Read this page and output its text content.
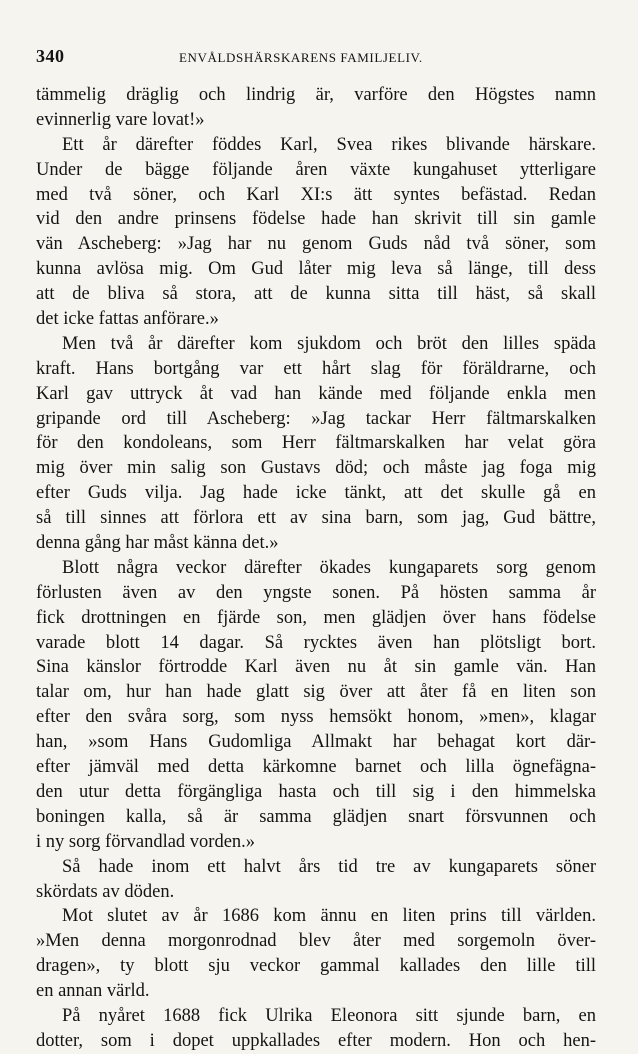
340	ENVÅLDSHÄRSKARENS FAMILJELIV.
tämmelig dräglig och lindrig är, varföre den Högstes namn
evinnerlig vare lovat!»
Ett år därefter föddes Karl, Svea rikes blivande härskare.
Under de bägge följande åren växte kungahuset ytterligare
med två söner, och Karl XI:s ätt syntes befästad. Redan
vid den andre prinsens födelse hade han skrivit till sin gamle
vän Ascheberg: »Jag har nu genom Guds nåd två söner, som
kunna avlösa mig. Om Gud låter mig leva så länge, till dess
att de bliva så stora, att de kunna sitta till häst, så skall
det icke fattas anförare.»
Men två år därefter kom sjukdom och bröt den lilles späda
kraft. Hans bortgång var ett hårt slag för föräldrarne, och
Karl gav uttryck åt vad han kände med följande enkla men
gripande ord till Ascheberg: »Jag tackar Herr fältmarskalken
för den kondoleans, som Herr fältmarskalken har velat göra
mig över min salig son Gustavs död; och måste jag foga mig
efter Guds vilja. Jag hade icke tänkt, att det skulle gå en
så till sinnes att förlora ett av sina barn, som jag, Gud bättre,
denna gång har måst känna det.»
Blott några veckor därefter ökades kungaparets sorg genom
förlusten även av den yngste sonen. På hösten samma år
fick drottningen en fjärde son, men glädjen över hans födelse
varade blott 14 dagar. Så rycktes även han plötsligt bort.
Sina känslor förtrodde Karl även nu åt sin gamle vän. Han
talar om, hur han hade glatt sig över att åter få en liten son
efter den svåra sorg, som nyss hemsökt honom, »men», klagar
han, »som Hans Gudomliga Allmakt har behagat kort där-
efter jämväl med detta kärkomne barnet och lilla ögnefägna-
den utur detta förgängliga hasta och till sig i den himmelska
boningen kalla, så är samma glädjen snart försvunnen och
i ny sorg förvandlad vorden.»
Så hade inom ett halvt års tid tre av kungaparets söner
skördats av döden.
Mot slutet av år 1686 kom ännu en liten prins till världen.
»Men denna morgonrodnad blev åter med sorgemoln över-
dragen», ty blott sju veckor gammal kallades den lille till
en annan värld.
På nyåret 1688 fick Ulrika Eleonora sitt sjunde barn, en
dotter, som i dopet uppkallades efter modern. Hon och hen-
